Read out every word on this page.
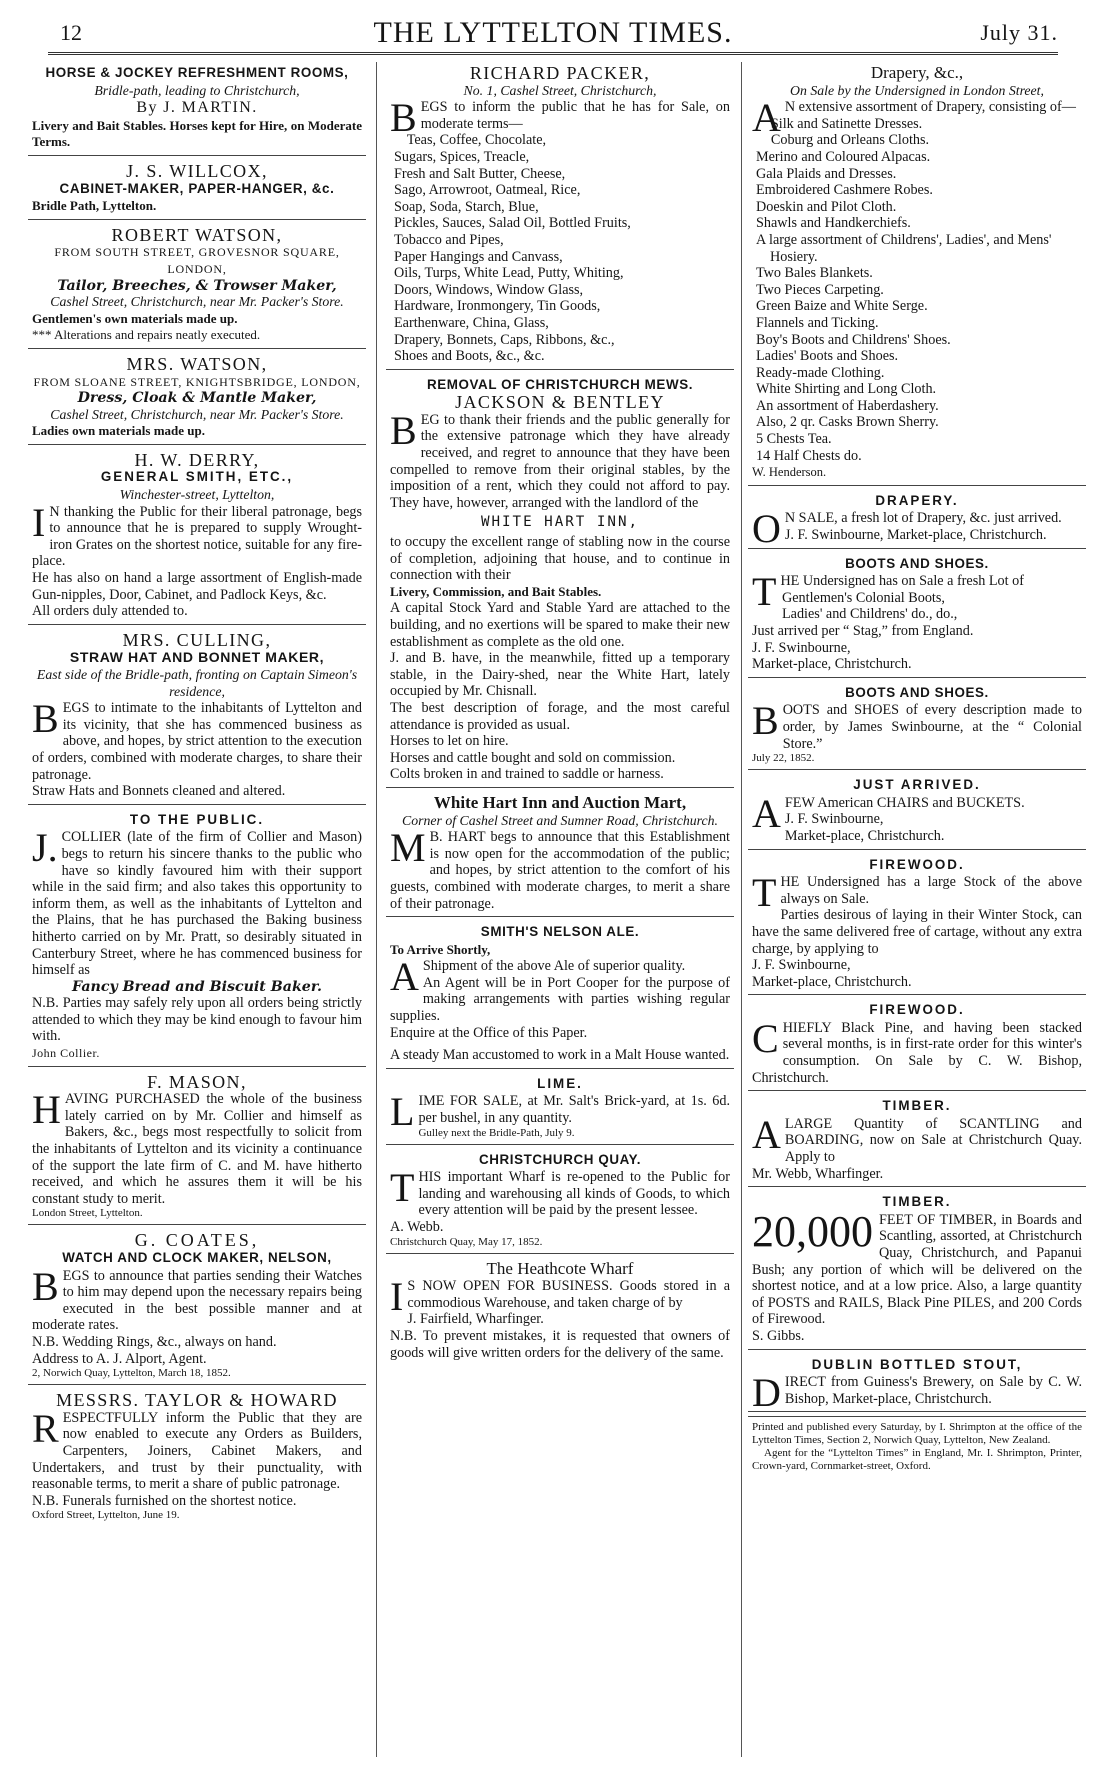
12	THE LYTTELTON TIMES.	July 31.
HORSE & JOCKEY REFRESHMENT ROOMS,
Bridle-path, leading to Christchurch,
By J. MARTIN.

Livery and Bait Stables. Horses kept for Hire, on Moderate Terms.

J. S. WILLCOX,
CABINET-MAKER, PAPER-HANGER, &c.

Bridle Path, Lyttelton.

ROBERT WATSON,
FROM SOUTH STREET, GROVESNOR SQUARE, LONDON,
Tailor, Breeches, & Trowser Maker,
Cashel Street, Christchurch, near Mr. Packer's Store.

Gentlemen's own materials made up.

*** Alterations and repairs neatly executed.

MRS. WATSON,
FROM SLOANE STREET, KNIGHTSBRIDGE, LONDON,
Dress, Cloak & Mantle Maker,
Cashel Street, Christchurch, near Mr. Packer's Store.

Ladies own materials made up.

H. W. DERRY,
GENERAL SMITH, ETC.,
Winchester-street, Lyttelton,

I N thanking the Public for their liberal patronage, begs to announce that he is prepared to supply Wrought-iron Grates on the shortest notice, suitable for any fire-place.

He has also on hand a large assortment of English-made Gun-nipples, Door, Cabinet, and Padlock Keys, &c.

All orders duly attended to.

MRS. CULLING,
STRAW HAT AND BONNET MAKER,
East side of the Bridle-path, fronting on Captain Simeon's residence,

BEGS to intimate to the inhabitants of Lyttelton and its vicinity, that she has commenced business as above, and hopes, by strict attention to the execution of orders, combined with moderate charges, to share their patronage.

Straw Hats and Bonnets cleaned and altered.

TO THE PUBLIC.

J. COLLIER (late of the firm of Collier and Mason) begs to return his sincere thanks to the public who have so kindly favoured him with their support while in the said firm; and also takes this opportunity to inform them, as well as the inhabitants of Lyttelton and the Plains, that he has purchased the Baking business hitherto carried on by Mr. Pratt, so desirably situated in Canterbury Street, where he has commenced business for himself as

Fancy Bread and Biscuit Baker.

N.B. Parties may safely rely upon all orders being strictly attended to which they may be kind enough to favour him with.

John Collier.

F. MASON,

HAVING PURCHASED the whole of the business lately carried on by Mr. Collier and himself as Bakers, &c., begs most respectfully to solicit from the inhabitants of Lyttelton and its vicinity a continuance of the support the late firm of C. and M. have hitherto received, and which he assures them it will be his constant study to merit.

London Street, Lyttelton.

G. COATES,
WATCH AND CLOCK MAKER, NELSON,

BEGS to announce that parties sending their Watches to him may depend upon the necessary repairs being executed in the best possible manner and at moderate rates.

N.B. Wedding Rings, &c., always on hand.

Address to A. J. Alport, Agent.

2, Norwich Quay, Lyttelton, March 18, 1852.

MESSRS. TAYLOR & HOWARD

RESPECTFULLY inform the Public that they are now enabled to execute any Orders as Builders, Carpenters, Joiners, Cabinet Makers, and Undertakers, and trust by their punctuality, with reasonable terms, to merit a share of public patronage.

N.B. Funerals furnished on the shortest notice.

Oxford Street, Lyttelton, June 19.

RICHARD PACKER,
No. 1, Cashel Street, Christchurch,

BEGS to inform the public that he has for Sale, on moderate terms—

Teas, Coffee, Chocolate,
Sugars, Spices, Treacle,
Fresh and Salt Butter, Cheese,
Sago, Arrowroot, Oatmeal, Rice,
Soap, Soda, Starch, Blue,
Pickles, Sauces, Salad Oil, Bottled Fruits,
Tobacco and Pipes,
Paper Hangings and Canvass,
Oils, Turps, White Lead, Putty, Whiting,
Doors, Windows, Window Glass,
Hardware, Ironmongery, Tin Goods,
Earthenware, China, Glass,
Drapery, Bonnets, Caps, Ribbons, &c.,
Shoes and Boots, &c., &c.
REMOVAL OF CHRISTCHURCH MEWS.
JACKSON & BENTLEY

BEG to thank their friends and the public generally for the extensive patronage which they have already received, and regret to announce that they have been compelled to remove from their original stables, by the imposition of a rent, which they could not afford to pay. They have, however, arranged with the landlord of the

WHITE HART INN,

to occupy the excellent range of stabling now in the course of completion, adjoining that house, and to continue in connection with their

Livery, Commission, and Bait Stables.

A capital Stock Yard and Stable Yard are attached to the building, and no exertions will be spared to make their new establishment as complete as the old one.

J. and B. have, in the meanwhile, fitted up a temporary stable, in the Dairy-shed, near the White Hart, lately occupied by Mr. Chisnall.

The best description of forage, and the most careful attendance is provided as usual.

Horses to let on hire.

Horses and cattle bought and sold on commission.

Colts broken in and trained to saddle or harness.

White Hart Inn and Auction Mart,
Corner of Cashel Street and Sumner Road, Christchurch.

M B. HART begs to announce that this Establishment is now open for the accommodation of the public; and hopes, by strict attention to the comfort of his guests, combined with moderate charges, to merit a share of their patronage.

SMITH'S NELSON ALE.

To Arrive Shortly,

A Shipment of the above Ale of superior quality.

An Agent will be in Port Cooper for the purpose of making arrangements with parties wishing regular supplies.

Enquire at the Office of this Paper.

A steady Man accustomed to work in a Malt House wanted.

LIME.

LIME FOR SALE, at Mr. Salt's Brick-yard, at 1s. 6d. per bushel, in any quantity.

Gulley next the Bridle-Path, July 9.

CHRISTCHURCH QUAY.

THIS important Wharf is re-opened to the Public for landing and warehousing all kinds of Goods, to which every attention will be paid by the present lessee.

A. Webb.

Christchurch Quay, May 17, 1852.

The Heathcote Wharf

I S NOW OPEN FOR BUSINESS. Goods stored in a commodious Warehouse, and taken charge of by

J. Fairfield, Wharfinger.

N.B. To prevent mistakes, it is requested that owners of goods will give written orders for the delivery of the same.

Drapery, &c.,
On Sale by the Undersigned in London Street,

A N extensive assortment of Drapery, consisting of—

Silk and Satinette Dresses.
Coburg and Orleans Cloths.
Merino and Coloured Alpacas.
Gala Plaids and Dresses.
Embroidered Cashmere Robes.
Doeskin and Pilot Cloth.
Shawls and Handkerchiefs.
A large assortment of Childrens', Ladies', and Mens' Hosiery.
Two Bales Blankets.
Two Pieces Carpeting.
Green Baize and White Serge.
Flannels and Ticking.
Boy's Boots and Childrens' Shoes.
Ladies' Boots and Shoes.
Ready-made Clothing.
White Shirting and Long Cloth.
An assortment of Haberdashery.
Also, 2 qr. Casks Brown Sherry.
5 Chests Tea.
14 Half Chests do.

W. Henderson.

DRAPERY.

O N SALE, a fresh lot of Drapery, &c. just arrived.

J. F. Swinbourne, Market-place, Christchurch.

BOOTS AND SHOES.

THE Undersigned has on Sale a fresh Lot of

Gentlemen's Colonial Boots,

Ladies' and Childrens' do., do.,

Just arrived per “ Stag,” from England.

J. F. Swinbourne,

Market-place, Christchurch.

BOOTS AND SHOES.

BOOTS and SHOES of every description made to order, by James Swinbourne, at the “ Colonial Store.”

July 22, 1852.

JUST ARRIVED.

AFEW American CHAIRS and BUCKETS.

J. F. Swinbourne,

Market-place, Christchurch.

FIREWOOD.

THE Undersigned has a large Stock of the above always on Sale.

Parties desirous of laying in their Winter Stock, can have the same delivered free of cartage, without any extra charge, by applying to

J. F. Swinbourne,

Market-place, Christchurch.

FIREWOOD.

CHIEFLY Black Pine, and having been stacked several months, is in first-rate order for this winter's consumption. On Sale by C. W. Bishop, Christchurch.

TIMBER.

ALARGE Quantity of SCANTLING and BOARDING, now on Sale at Christchurch Quay. Apply to

Mr. Webb, Wharfinger.

TIMBER.

20,000 FEET OF TIMBER, in Boards and Scantling, assorted, at Christchurch Quay, Christchurch, and Papanui Bush; any portion of which will be delivered on the shortest notice, and at a low price. Also, a large quantity of POSTS and RAILS, Black Pine PILES, and 200 Cords of Firewood.

S. Gibbs.

DUBLIN BOTTLED STOUT,

DIRECT from Guiness's Brewery, on Sale by C. W. Bishop, Market-place, Christchurch.

Printed and published every Saturday, by I. Shrimpton at the office of the Lyttelton Times, Section 2, Norwich Quay, Lyttelton, New Zealand.

Agent for the “Lyttelton Times” in England, Mr. I. Shrimpton, Printer, Crown-yard, Cornmarket-street, Oxford.
